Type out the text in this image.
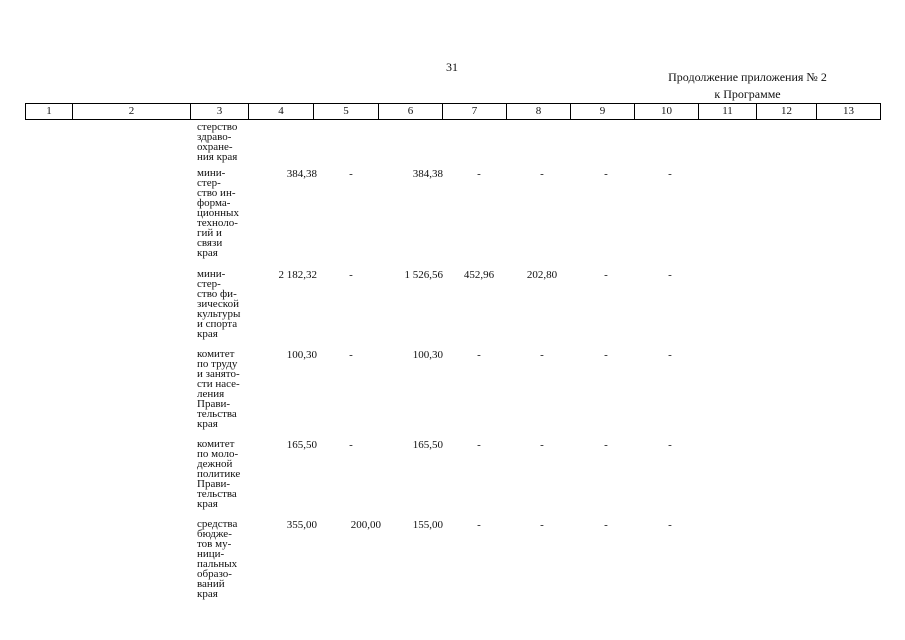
31
Продолжение приложения № 2
к Программе
1	2	3	4	5	6	7	8	9	10	11	12	13
стерство
здраво-
охране-
ния края
мини-
стер-
ство ин-
форма-
ционных
техноло-
гий и
связи
края
384,38	-	384,38	-	-	-	-
мини-
стер-
ство фи-
зической
культуры
и спорта
края
2 182,32	-	1 526,56	452,96	202,80	-	-
комитет
по труду
и занято-
сти насе-
ления
Прави-
тельства
края
100,30	-	100,30	-	-	-	-
комитет
по моло-
дежной
политике
Прави-
тельства
края
165,50	-	165,50	-	-	-	-
средства
бюдже-
тов му-
ници-
пальных
образо-
ваний
края
355,00	200,00	155,00	-	-	-	-
